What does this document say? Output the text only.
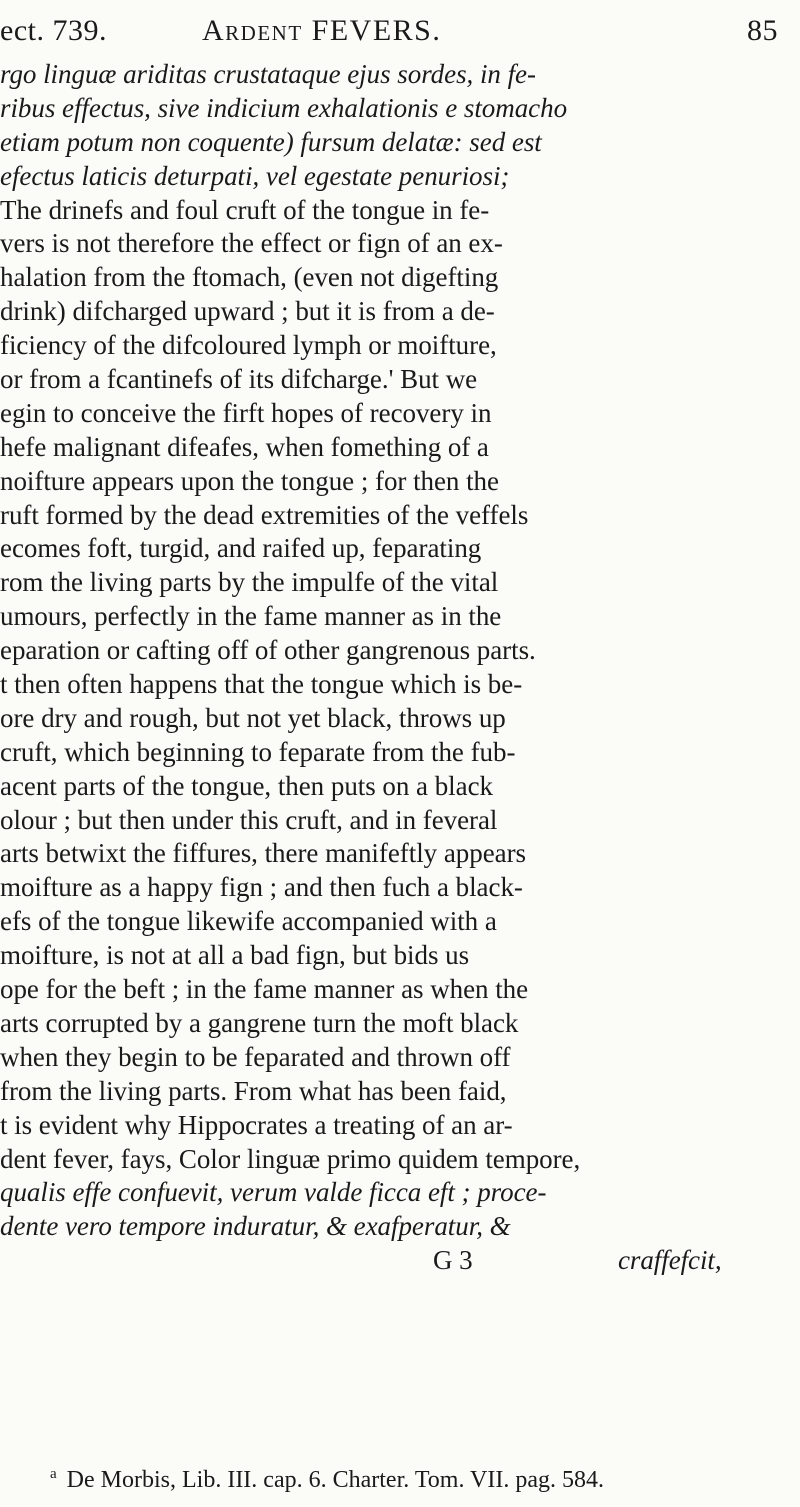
ect. 739.	Ardent FEVERS.	85
rgo linguæ ariditas crustataque ejus sordes, in fe-
ribus effectus, sive indicium exhalationis e stomacho
etiam potum non coquente) fursum delatæ: sed est
efectus laticis deturpati, vel egestate penuriosi;
The drinefs and foul cruft of the tongue in fe-
vers is not therefore the effect or fign of an ex-
halation from the ftomach, (even not digefting
drink) difcharged upward ; but it is from a de-
ficiency of the difcoloured lymph or moifture,
or from a fcantinefs of its difcharge.' But we
egin to conceive the firft hopes of recovery in
hefe malignant difeafes, when fomething of a
noifture appears upon the tongue ; for then the
ruft formed by the dead extremities of the veffels
ecomes foft, turgid, and raifed up, feparating
rom the living parts by the impulfe of the vital
umours, perfectly in the fame manner as in the
eparation or cafting off of other gangrenous parts.
t then often happens that the tongue which is be-
ore dry and rough, but not yet black, throws up
cruft, which beginning to feparate from the fub-
acent parts of the tongue, then puts on a black
olour ; but then under this cruft, and in feveral
arts betwixt the fiffures, there manifeftly appears
moifture as a happy fign ; and then fuch a black-
efs of the tongue likewife accompanied with a
moifture, is not at all a bad fign, but bids us
ope for the beft ; in the fame manner as when the
arts corrupted by a gangrene turn the moft black
when they begin to be feparated and thrown off
from the living parts. From what has been faid,
t is evident why Hippocrates a treating of an ar-
dent fever, fays, Color linguæ primo quidem tempore,
qualis effe confuevit, verum valde ficca eft ; proce-
dente vero tempore induratur, & exafperatur, &
G 3	craffefcit,
$^a$ De Morbis, Lib. III. cap. 6. Charter. Tom. VII. pag. 584.
